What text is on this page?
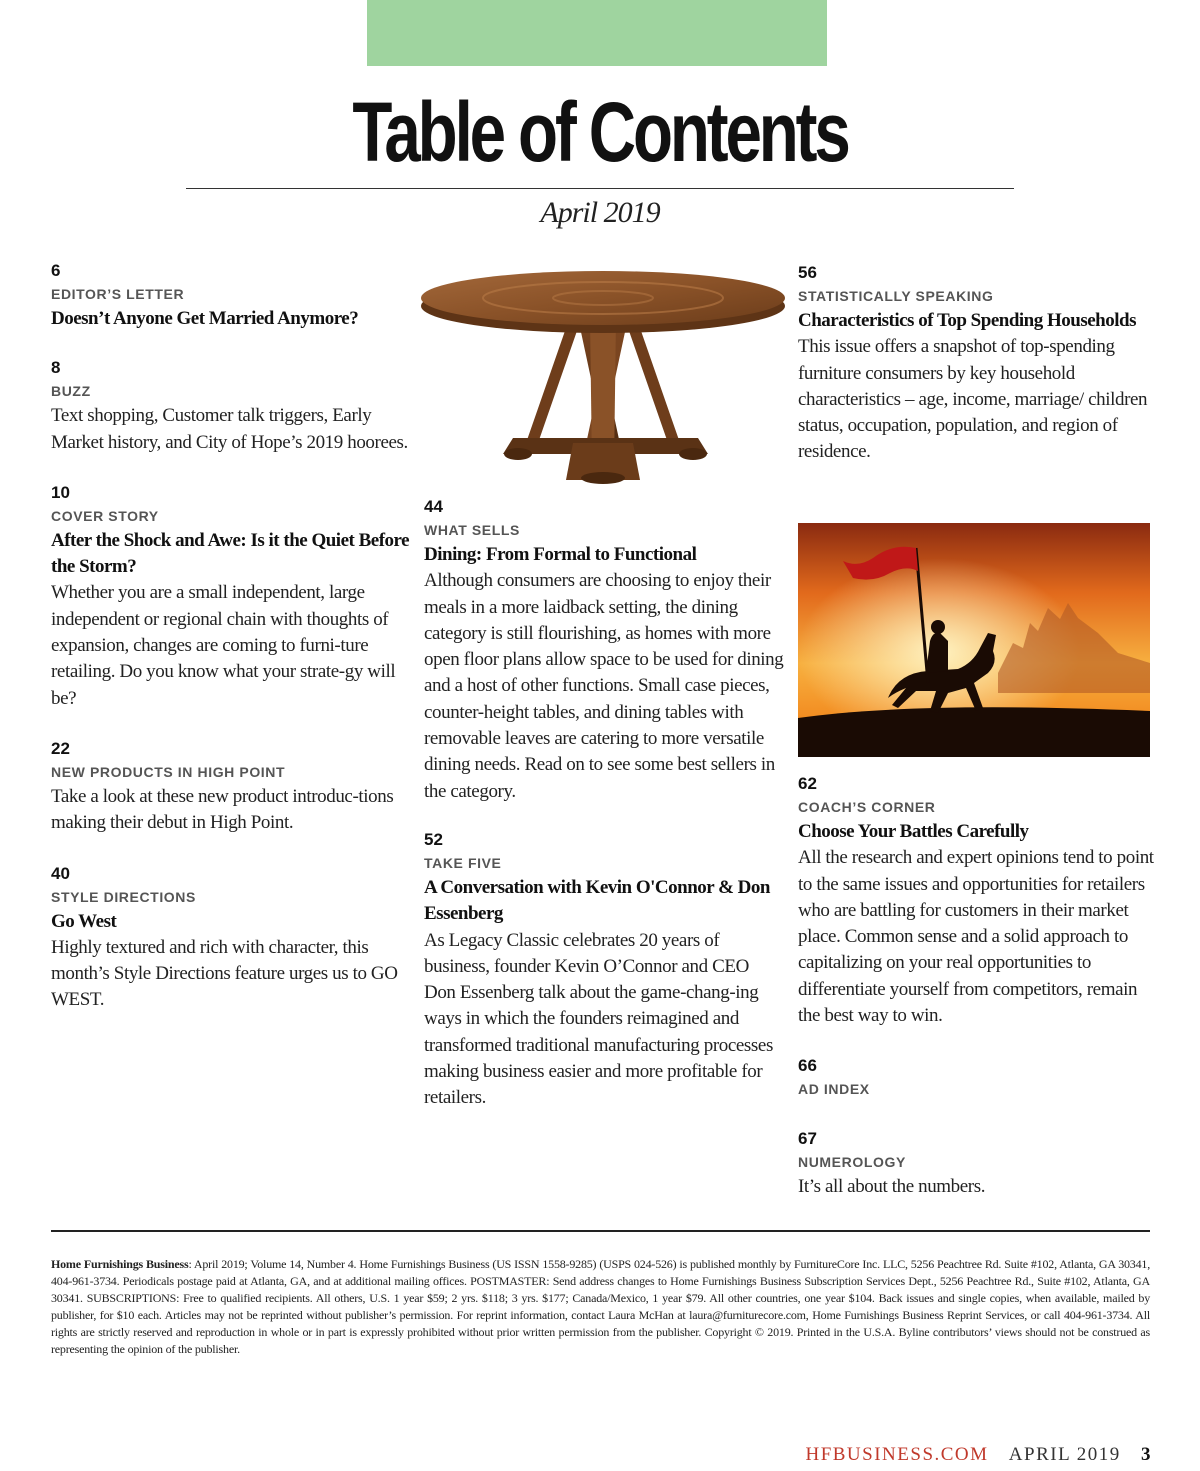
Table of Contents
April 2019
6
EDITOR’S LETTER
Doesn’t Anyone Get Married Anymore?
8
BUZZ
Text shopping, Customer talk triggers, Early Market history, and City of Hope’s 2019 hoorees.
10
COVER STORY
After the Shock and Awe: Is it the Quiet Before the Storm?
Whether you are a small independent, large independent or regional chain with thoughts of expansion, changes are coming to furni-ture retailing. Do you know what your strate-gy will be?
22
NEW PRODUCTS IN HIGH POINT
Take a look at these new product introduc-tions making their debut in High Point.
40
STYLE DIRECTIONS
Go West
Highly textured and rich with character, this month’s Style Directions feature urges us to GO WEST.
44
WHAT SELLS
Dining: From Formal to Functional
Although consumers are choosing to enjoy their meals in a more laidback setting, the dining category is still flourishing, as homes with more open floor plans allow space to be used for dining and a host of other functions. Small case pieces, counter-height tables, and dining tables with removable leaves are catering to more versatile dining needs. Read on to see some best sellers in the category.
52
TAKE FIVE
A Conversation with Kevin O'Connor & Don Essenberg
As Legacy Classic celebrates 20 years of business, founder Kevin O’Connor and CEO Don Essenberg talk about the game-chang-ing ways in which the founders reimagined and transformed traditional manufacturing processes making business easier and more profitable for retailers.
56
STATISTICALLY SPEAKING
Characteristics of Top Spending Households
This issue offers a snapshot of top-spending furniture consumers by key household characteristics – age, income, marriage/ children status, occupation, population, and region of residence.
62
COACH’S CORNER
Choose Your Battles Carefully
All the research and expert opinions tend to point to the same issues and opportunities for retailers who are battling for customers in their market place. Common sense and a solid approach to capitalizing on your real opportunities to differentiate yourself from competitors, remain the best way to win.
66
AD INDEX
67
NUMEROLOGY
It’s all about the numbers.
Home Furnishings Business: April 2019; Volume 14, Number 4. Home Furnishings Business (US ISSN 1558-9285) (USPS 024-526) is published monthly by FurnitureCore Inc. LLC, 5256 Peachtree Rd. Suite #102, Atlanta, GA 30341, 404-961-3734. Periodicals postage paid at Atlanta, GA, and at additional mailing offices. POSTMASTER: Send address changes to Home Furnishings Business Subscription Services Dept., 5256 Peachtree Rd., Suite #102, Atlanta, GA 30341. SUBSCRIPTIONS: Free to qualified recipients. All others, U.S. 1 year $59; 2 yrs. $118; 3 yrs. $177; Canada/Mexico, 1 year $79. All other countries, one year $104. Back issues and single copies, when available, mailed by publisher, for $10 each. Articles may not be reprinted without publisher’s permission. For reprint information, contact Laura McHan at laura@furniturecore.com, Home Furnishings Business Reprint Services, or call 404-961-3734. All rights are strictly reserved and reproduction in whole or in part is expressly prohibited without prior written permission from the publisher. Copyright © 2019. Printed in the U.S.A. Byline contributors’ views should not be construed as representing the opinion of the publisher.
HFBUSINESS.COM APRIL 2019 3
